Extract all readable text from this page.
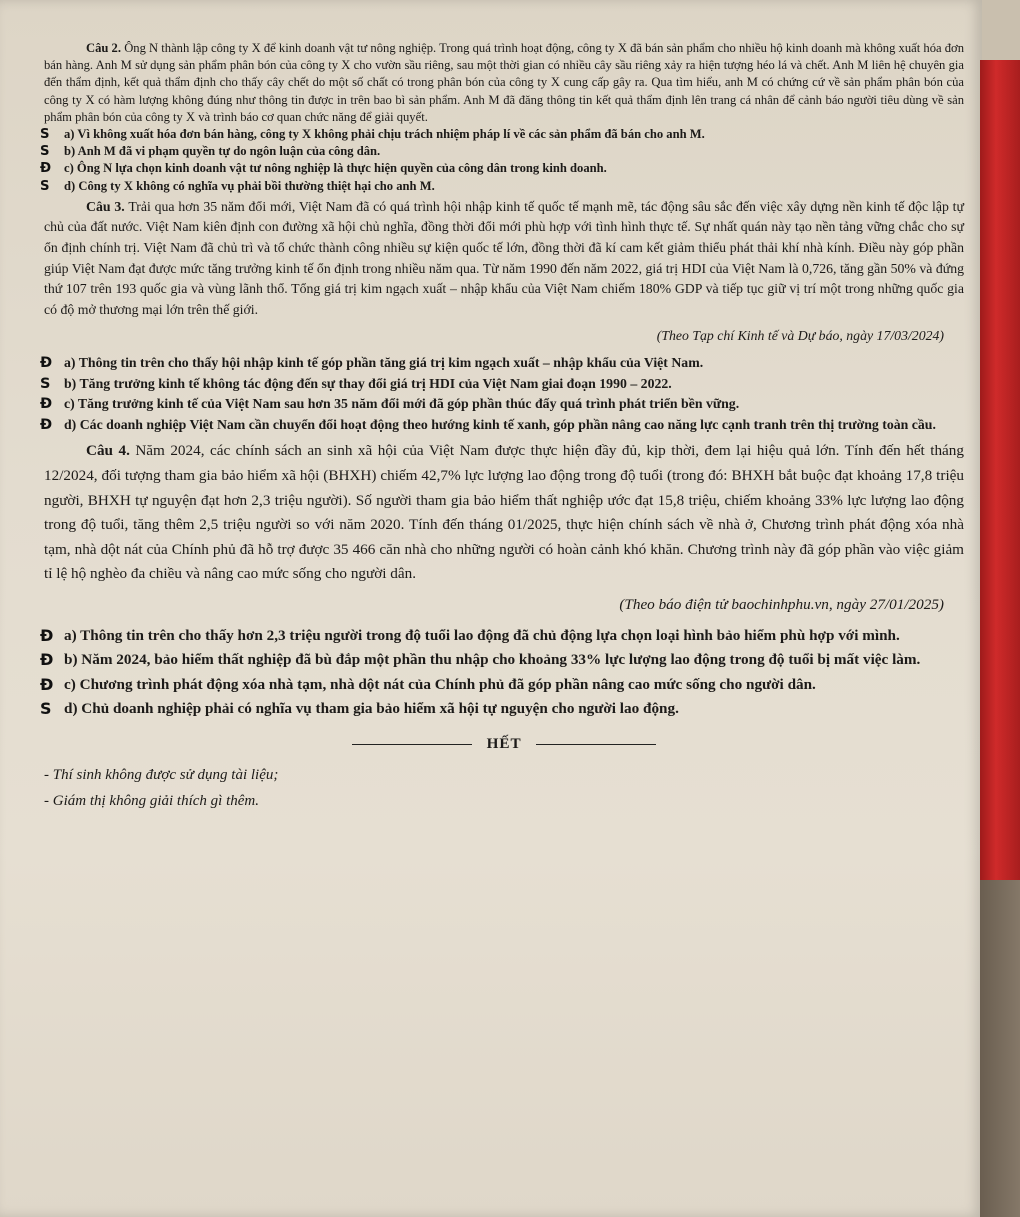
Câu 2. Ông N thành lập công ty X để kinh doanh vật tư nông nghiệp. Trong quá trình hoạt động, công ty X đã bán sản phẩm cho nhiều hộ kinh doanh mà không xuất hóa đơn bán hàng. Anh M sử dụng sản phẩm phân bón của công ty X cho vườn sầu riêng, sau một thời gian có nhiều cây sầu riêng xảy ra hiện tượng héo lá và chết. Anh M liên hệ chuyên gia đến thẩm định, kết quả thẩm định cho thấy cây chết do một số chất có trong phân bón của công ty X cung cấp gây ra. Qua tìm hiểu, anh M có chứng cứ về sản phẩm phân bón của công ty X có hàm lượng không đúng như thông tin được in trên bao bì sản phẩm. Anh M đã đăng thông tin kết quả thẩm định lên trang cá nhân để cảnh báo người tiêu dùng về sản phẩm phân bón của công ty X và trình báo cơ quan chức năng để giải quyết.

S a) Vì không xuất hóa đơn bán hàng, công ty X không phải chịu trách nhiệm pháp lí về các sản phẩm đã bán cho anh M.
S b) Anh M đã vi phạm quyền tự do ngôn luận của công dân.
Đ c) Ông N lựa chọn kinh doanh vật tư nông nghiệp là thực hiện quyền của công dân trong kinh doanh.
S d) Công ty X không có nghĩa vụ phải bồi thường thiệt hại cho anh M.

Câu 3. Trải qua hơn 35 năm đổi mới, Việt Nam đã có quá trình hội nhập kinh tế quốc tế mạnh mẽ, tác động sâu sắc đến việc xây dựng nền kinh tế độc lập tự chủ của đất nước. Việt Nam kiên định con đường xã hội chủ nghĩa, đồng thời đổi mới phù hợp với tình hình thực tế. Sự nhất quán này tạo nền tảng vững chắc cho sự ổn định chính trị. Việt Nam đã chủ trì và tổ chức thành công nhiều sự kiện quốc tế lớn, đồng thời đã kí cam kết giảm thiểu phát thải khí nhà kính. Điều này góp phần giúp Việt Nam đạt được mức tăng trưởng kinh tế ổn định trong nhiều năm qua. Từ năm 1990 đến năm 2022, giá trị HDI của Việt Nam là 0,726, tăng gần 50% và đứng thứ 107 trên 193 quốc gia và vùng lãnh thổ. Tổng giá trị kim ngạch xuất – nhập khẩu của Việt Nam chiếm 180% GDP và tiếp tục giữ vị trí một trong những quốc gia có độ mở thương mại lớn trên thế giới.

(Theo Tạp chí Kinh tế và Dự báo, ngày 17/03/2024)

Đ a) Thông tin trên cho thấy hội nhập kinh tế góp phần tăng giá trị kim ngạch xuất – nhập khẩu của Việt Nam.
S b) Tăng trưởng kinh tế không tác động đến sự thay đổi giá trị HDI của Việt Nam giai đoạn 1990 – 2022.
Đ c) Tăng trưởng kinh tế của Việt Nam sau hơn 35 năm đổi mới đã góp phần thúc đẩy quá trình phát triển bền vững.
Đ d) Các doanh nghiệp Việt Nam cần chuyển đổi hoạt động theo hướng kinh tế xanh, góp phần nâng cao năng lực cạnh tranh trên thị trường toàn cầu.

Câu 4. Năm 2024, các chính sách an sinh xã hội của Việt Nam được thực hiện đầy đủ, kịp thời, đem lại hiệu quả lớn. Tính đến hết tháng 12/2024, đối tượng tham gia bảo hiểm xã hội (BHXH) chiếm 42,7% lực lượng lao động trong độ tuổi (trong đó: BHXH bắt buộc đạt khoảng 17,8 triệu người, BHXH tự nguyện đạt hơn 2,3 triệu người). Số người tham gia bảo hiểm thất nghiệp ước đạt 15,8 triệu, chiếm khoảng 33% lực lượng lao động trong độ tuổi, tăng thêm 2,5 triệu người so với năm 2020. Tính đến tháng 01/2025, thực hiện chính sách về nhà ở, Chương trình phát động xóa nhà tạm, nhà dột nát của Chính phủ đã hỗ trợ được 35 466 căn nhà cho những người có hoàn cảnh khó khăn. Chương trình này đã góp phần vào việc giảm tỉ lệ hộ nghèo đa chiều và nâng cao mức sống cho người dân.

(Theo báo điện tử baochinhphu.vn, ngày 27/01/2025)

Đ a) Thông tin trên cho thấy hơn 2,3 triệu người trong độ tuổi lao động đã chủ động lựa chọn loại hình bảo hiểm phù hợp với mình.
Đ b) Năm 2024, bảo hiểm thất nghiệp đã bù đắp một phần thu nhập cho khoảng 33% lực lượng lao động trong độ tuổi bị mất việc làm.
Đ c) Chương trình phát động xóa nhà tạm, nhà dột nát của Chính phủ đã góp phần nâng cao mức sống cho người dân.
S d) Chủ doanh nghiệp phải có nghĩa vụ tham gia bảo hiểm xã hội tự nguyện cho người lao động.
HẾT

- Thí sinh không được sử dụng tài liệu;

- Giám thị không giải thích gì thêm.
